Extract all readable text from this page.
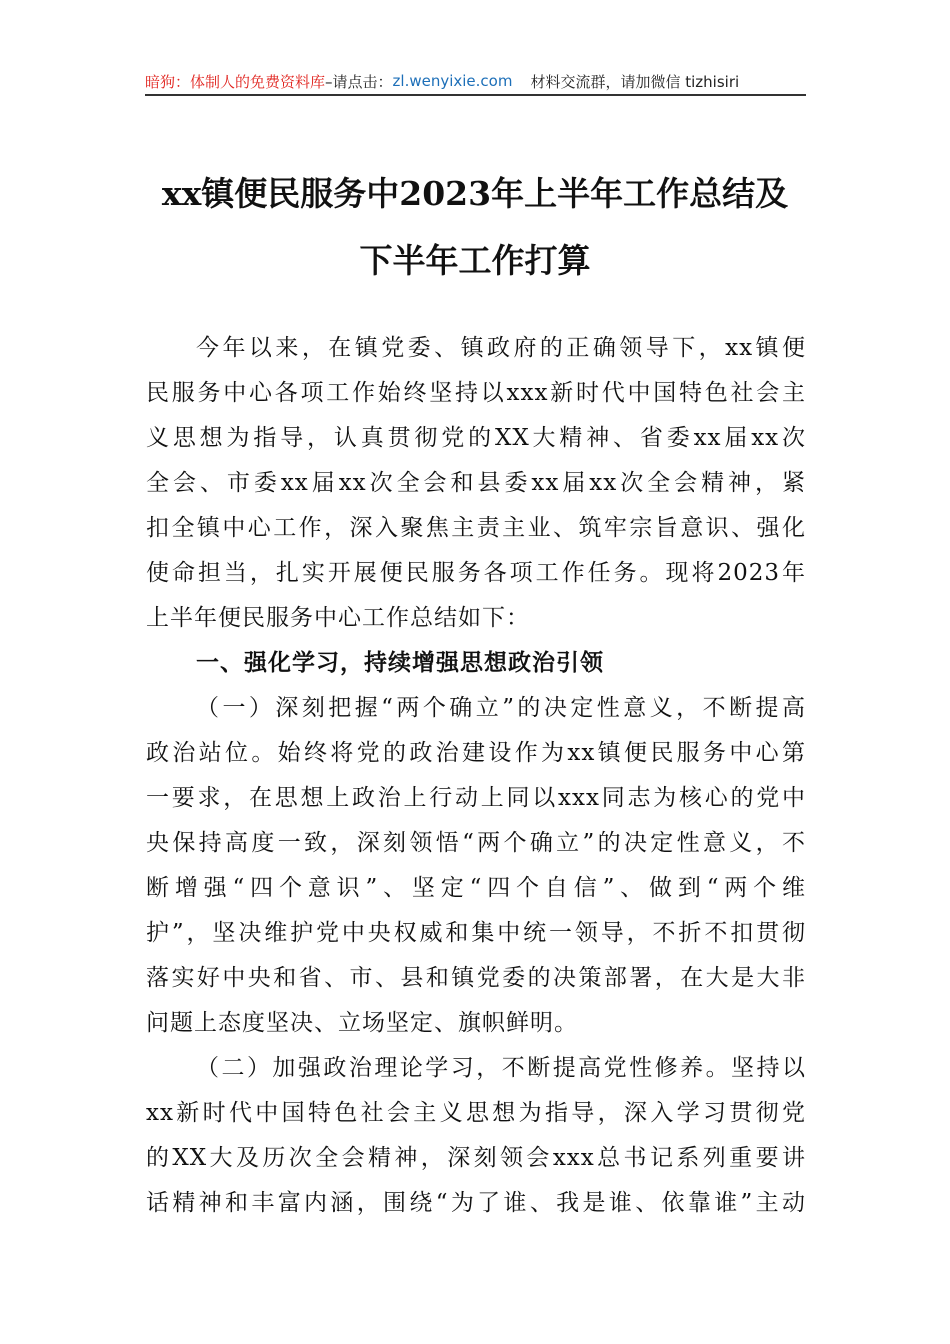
暗狗：体制人的免费资料库 –请点击： zl.wenyixie.com 材料交流群，请加微信 tizhisiri
xx镇便民服务中2023年上半年工作总结及
下半年工作打算
今年以来，在镇党委、镇政府的正确领导下，xx镇便
民服务中心各项工作始终坚持以xxx新时代中国特色社会主
义思想为指导，认真贯彻党的XX大精神、省委xx届xx次
全会、市委xx届xx次全会和县委xx届xx次全会精神，紧
扣全镇中心工作，深入聚焦主责主业、筑牢宗旨意识、强化
使命担当，扎实开展便民服务各项工作任务。现将2023年
上半年便民服务中心工作总结如下：
一、强化学习，持续增强思想政治引领
（一）深刻把握“两个确立”的决定性意义，不断提高
政治站位。始终将党的政治建设作为xx镇便民服务中心第
一要求，在思想上政治上行动上同以xxx同志为核心的党中
央保持高度一致，深刻领悟“两个确立”的决定性意义，不
断增强“四个意识”、坚定“四个自信”、做到“两个维
护”，坚决维护党中央权威和集中统一领导，不折不扣贯彻
落实好中央和省、市、县和镇党委的决策部署，在大是大非
问题上态度坚决、立场坚定、旗帜鲜明。
（二）加强政治理论学习，不断提高党性修养。坚持以
xx新时代中国特色社会主义思想为指导，深入学习贯彻党
的XX大及历次全会精神，深刻领会xxx总书记系列重要讲
话精神和丰富内涵，围绕“为了谁、我是谁、依靠谁”主动
